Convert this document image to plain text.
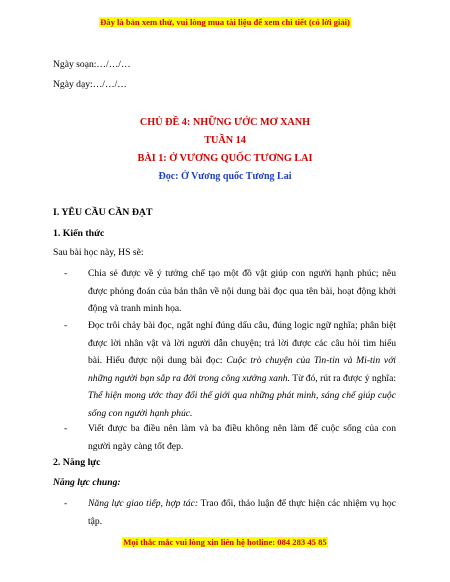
Đây là bản xem thử, vui lòng mua tài liệu để xem chi tiết (có lời giải)
Ngày soạn:…/…/…
Ngày dạy:…/…/…
CHỦ ĐỀ 4: NHỮNG ƯỚC MƠ XANH
TUẦN 14
BÀI 1: Ở VƯƠNG QUỐC TƯƠNG LAI
Đọc: Ở Vương quốc Tương Lai
I. YÊU CẦU CẦN ĐẠT
1. Kiến thức
Sau bài học này, HS sẽ:
- Chia sẻ được về ý tưởng chế tạo một đồ vật giúp con người hạnh phúc; nêu được phỏng đoán của bản thân về nội dung bài đọc qua tên bài, hoạt động khởi động và tranh minh họa.
- Đọc trôi chảy bài đọc, ngắt nghỉ đúng dấu câu, đúng logic ngữ nghĩa; phân biệt được lời nhân vật và lời người dẫn chuyện; trả lời được các câu hỏi tìm hiểu bài. Hiểu được nội dung bài đọc: Cuộc trò chuyện của Tin-tin và Mi-tin với những người bạn sắp ra đời trong công xưởng xanh. Từ đó, rút ra được ý nghĩa: Thể hiện mong ước thay đổi thế giới qua những phát minh, sáng chế giúp cuộc sống con người hạnh phúc.
- Viết được ba điều nên làm và ba điều không nên làm để cuộc sống của con người ngày càng tốt đẹp.
2. Năng lực
Năng lực chung:
- Năng lực giao tiếp, hợp tác: Trao đổi, thảo luận để thực hiện các nhiệm vụ học tập.
Mọi thắc mắc vui lòng xin liên hệ hotline: 084 283 45 85
